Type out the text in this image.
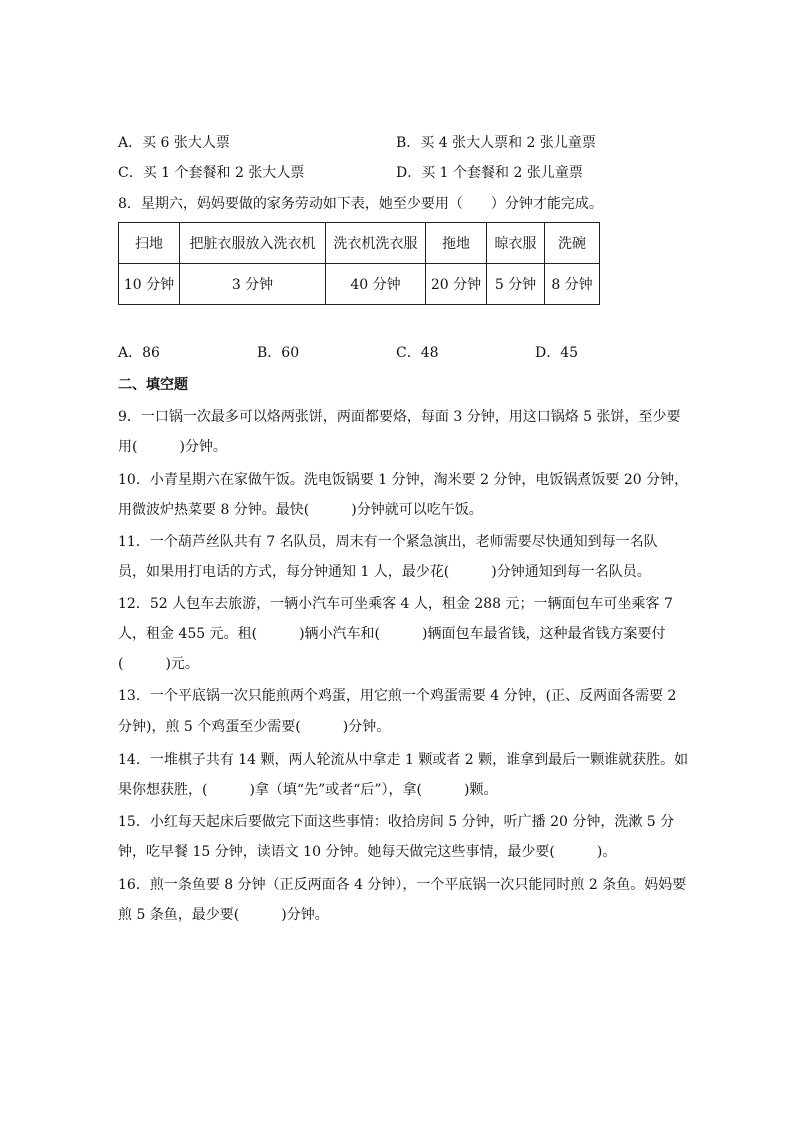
A．买 6 张大人票	B．买 4 张大人票和 2 张儿童票
C．买 1 个套餐和 2 张大人票	D．买 1 个套餐和 2 张儿童票
8．星期六，妈妈要做的家务劳动如下表，她至少要用（　　）分钟才能完成。
扫地	把脏衣服放入洗衣机	洗衣机洗衣服	拖地	晾衣服	洗碗
10 分钟	3 分钟	40 分钟	20 分钟	5 分钟	8 分钟
A．86	B．60	C．48	D．45
二、填空题
9．一口锅一次最多可以烙两张饼，两面都要烙，每面 3 分钟，用这口锅烙 5 张饼，至少要
用(　　　)分钟。
10．小青星期六在家做午饭。洗电饭锅要 1 分钟，淘米要 2 分钟，电饭锅煮饭要 20 分钟，
用微波炉热菜要 8 分钟。最快(　　　)分钟就可以吃午饭。
11．一个葫芦丝队共有 7 名队员，周末有一个紧急演出，老师需要尽快通知到每一名队
员，如果用打电话的方式，每分钟通知 1 人，最少花(　　　)分钟通知到每一名队员。
12．52 人包车去旅游，一辆小汽车可坐乘客 4 人，租金 288 元；一辆面包车可坐乘客 7
人，租金 455 元。租(　　　)辆小汽车和(　　　)辆面包车最省钱，这种最省钱方案要付
(　　　)元。
13．一个平底锅一次只能煎两个鸡蛋，用它煎一个鸡蛋需要 4 分钟，(正、反两面各需要 2
分钟)，煎 5 个鸡蛋至少需要(　　　)分钟。
14．一堆棋子共有 14 颗，两人轮流从中拿走 1 颗或者 2 颗，谁拿到最后一颗谁就获胜。如
果你想获胜，(　　　)拿（填“先”或者“后”），拿(　　　)颗。
15．小红每天起床后要做完下面这些事情：收拾房间 5 分钟，听广播 20 分钟，洗漱 5 分
钟，吃早餐 15 分钟，读语文 10 分钟。她每天做完这些事情，最少要(　　　)。
16．煎一条鱼要 8 分钟（正反两面各 4 分钟），一个平底锅一次只能同时煎 2 条鱼。妈妈要
煎 5 条鱼，最少要(　　　)分钟。
